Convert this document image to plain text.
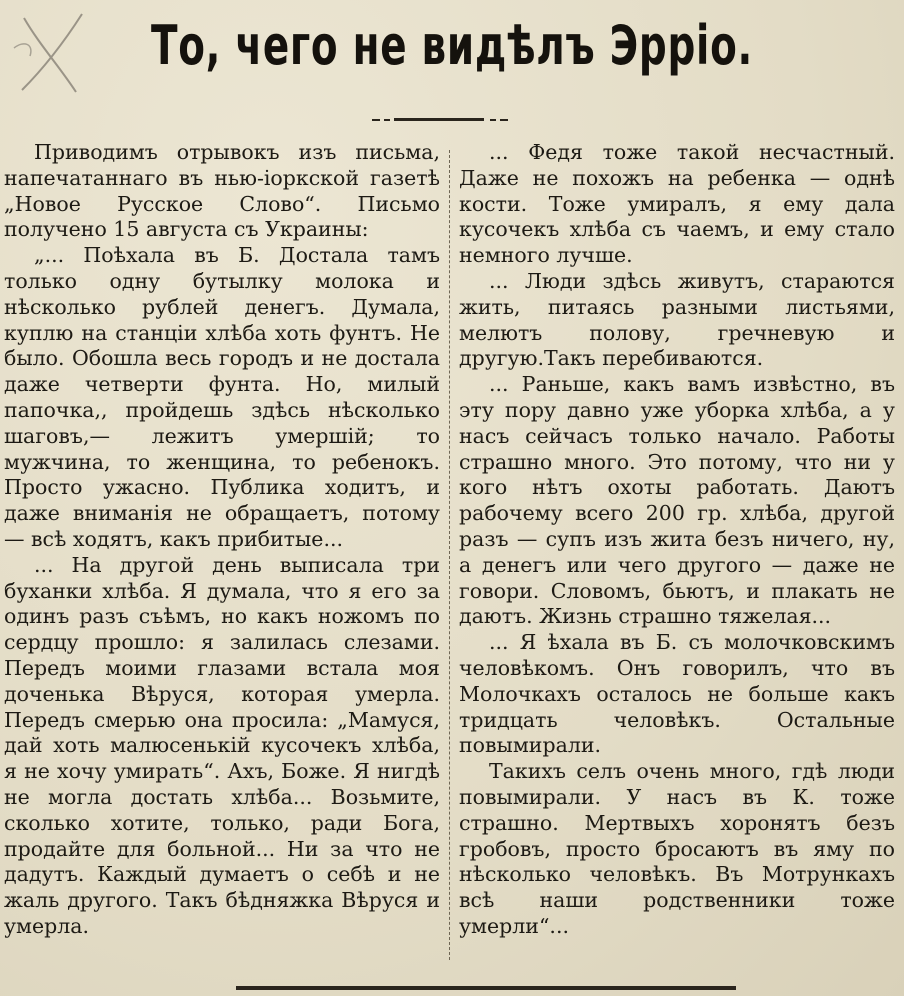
То, чего не видѣлъ Эррiо.

Приводимъ отрывокъ изъ письма, напечатаннаго въ нью-iоркской газетѣ „Новое Русское Слово“. Письмо получено 15 августа съ Украины:

„... Поѣхала въ Б. Достала тамъ только одну бутылку молока и нѣсколько рублей денегъ. Думала, куплю на станцiи хлѣба хоть фунтъ. Не было. Обошла весь городъ и не достала даже четверти фунта. Но, милый папочка,, пройдешь здѣсь нѣсколько шаговъ,— лежитъ умершiй; то мужчина, то женщина, то ребенокъ. Просто ужасно. Публика ходитъ, и даже вниманiя не обращаетъ, потому — всѣ ходятъ, какъ прибитые...

... На другой день выписала три буханки хлѣба. Я думала, что я его за одинъ разъ съѣмъ, но какъ ножомъ по сердцу прошло: я залилась слезами. Передъ моими глазами встала моя доченька Вѣруся, которая умерла. Передъ смерью она просила: „Мамуся, дай хоть малюсенькiй кусочекъ хлѣба, я не хочу умирать“. Ахъ, Боже. Я нигдѣ не могла достать хлѣба... Возьмите, сколько хотите, только, ради Бога, продайте для больной... Ни за что не дадутъ. Каждый думаетъ о себѣ и не жаль другого. Такъ бѣдняжка Вѣруся и умерла.

... Федя тоже такой несчастный. Даже не похожъ на ребенка — однѣ кости. Тоже умиралъ, я ему дала кусочекъ хлѣба съ чаемъ, и ему стало немного лучше.

... Люди здѣсь живутъ, стараются жить, питаясь разными листьями, мелютъ полову, гречневую и другую.Такъ перебиваются.

... Раньше, какъ вамъ извѣстно, въ эту пору давно уже уборка хлѣба, а у насъ сейчасъ только начало. Работы страшно много. Это потому, что ни у кого нѣтъ охоты работать. Даютъ рабочему всего 200 гр. хлѣба, другой разъ — супъ изъ жита безъ ничего, ну, а денегъ или чего другого — даже не говори. Словомъ, бьютъ, и плакать не даютъ. Жизнь страшно тяжелая...

... Я ѣхала въ Б. съ молочковскимъ человѣкомъ. Онъ говорилъ, что въ Молочкахъ осталось не больше какъ тридцать человѣкъ. Остальные повымирали.

Такихъ селъ очень много, гдѣ люди повымирали. У насъ въ К. тоже страшно. Мертвыхъ хоронятъ безъ гробовъ, просто бросаютъ въ яму по нѣсколько человѣкъ. Въ Мотрункахъ всѣ наши родственники тоже умерли“...
